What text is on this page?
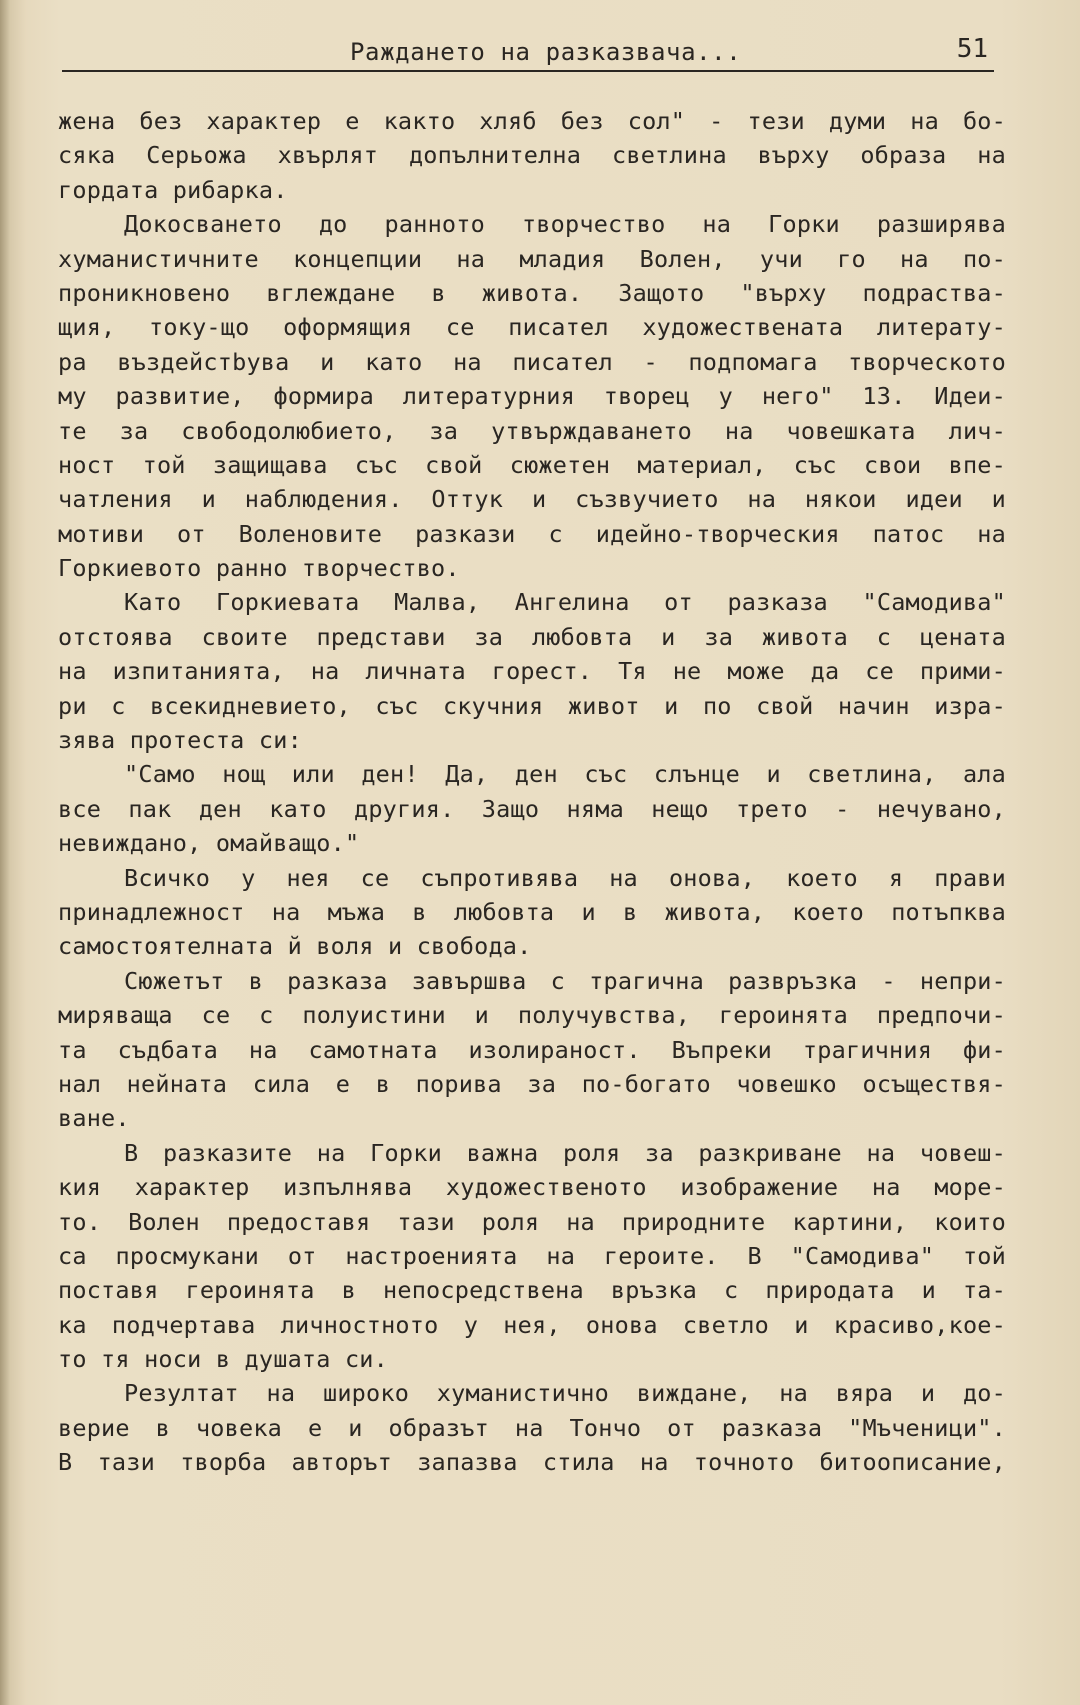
Раждането на разказвача...	51
жена без характер е както хляб без сол" - тези думи на бо-
сяка Серьожа хвърлят допълнителна светлина върху образа на
гордата рибарка.
Докосването до ранното творчество на Горки разширява
хуманистичните концепции на младия Волен, учи го на по-
проникновено вглеждане в живота. Защото "върху подраства-
щия, току-що оформящия се писател художествената литерату-
ра въздейстbува и като на писател - подпомага творческото
му развитие, формира литературния творец у него" 13. Идеи-
те за свободолюбието, за утвърждаването на човешката лич-
ност той защищава със свой сюжетен материал, със свои впе-
чатления и наблюдения. Оттук и съзвучието на някои идеи и
мотиви от Воленовите разкази с идейно-творческия патос на
Горкиевото ранно творчество.
Като Горкиевата Малва, Ангелина от разказа "Самодива"
отстоява своите представи за любовта и за живота с цената
на изпитанията, на личната горест. Тя не може да се прими-
ри с всекидневието, със скучния живот и по свой начин изра-
зява протеста си:
"Само нощ или ден! Да, ден със слънце и светлина, ала
все пак ден като другия. Защо няма нещо трето - нечувано,
невиждано, омайващо."
Всичко у нея се съпротивява на онова, което я прави
принадлежност на мъжа в любовта и в живота, което потъпква
самостоятелната й воля и свобода.
Сюжетът в разказа завършва с трагична развръзка - непри-
миряваща се с полуистини и получувства, героинята предпочи-
та съдбата на самотната изолираност. Въпреки трагичния фи-
нал нейната сила е в порива за по-богато човешко осъществя-
ване.
В разказите на Горки важна роля за разкриване на човеш-
кия характер изпълнява художественото изображение на море-
то. Волен предоставя тази роля на природните картини, които
са просмукани от настроенията на героите. В "Самодива" той
поставя героинята в непосредствена връзка с природата и та-
ка подчертава личностното у нея, онова светло и красиво,кое-
то тя носи в душата си.
Резултат на широко хуманистично виждане, на вяра и до-
верие в човека е и образът на Тончо от разказа "Мъченици".
В тази творба авторът запазва стила на точното битоописание,
